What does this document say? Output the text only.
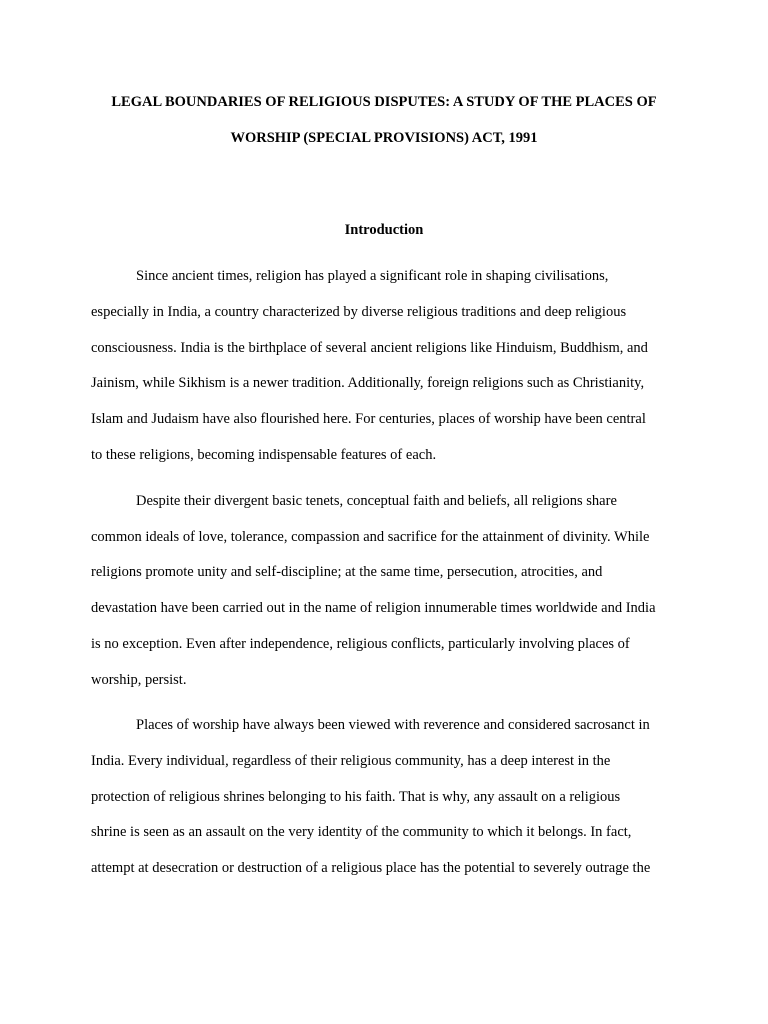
LEGAL BOUNDARIES OF RELIGIOUS DISPUTES: A STUDY OF THE PLACES OF
WORSHIP (SPECIAL PROVISIONS) ACT, 1991
Introduction
Since ancient times, religion has played a significant role in shaping civilisations,
especially in India, a country characterized by diverse religious traditions and deep religious
consciousness. India is the birthplace of several ancient religions like Hinduism, Buddhism, and
Jainism, while Sikhism is a newer tradition. Additionally, foreign religions such as Christianity,
Islam and Judaism have also flourished here. For centuries, places of worship have been central
to these religions, becoming indispensable features of each.
Despite their divergent basic tenets, conceptual faith and beliefs, all religions share
common ideals of love, tolerance, compassion and sacrifice for the attainment of divinity. While
religions promote unity and self-discipline; at the same time, persecution, atrocities, and
devastation have been carried out in the name of religion innumerable times worldwide and India
is no exception. Even after independence, religious conflicts, particularly involving places of
worship, persist.
Places of worship have always been viewed with reverence and considered sacrosanct in
India. Every individual, regardless of their religious community, has a deep interest in the
protection of religious shrines belonging to his faith. That is why, any assault on a religious
shrine is seen as an assault on the very identity of the community to which it belongs. In fact,
attempt at desecration or destruction of a religious place has the potential to severely outrage the
